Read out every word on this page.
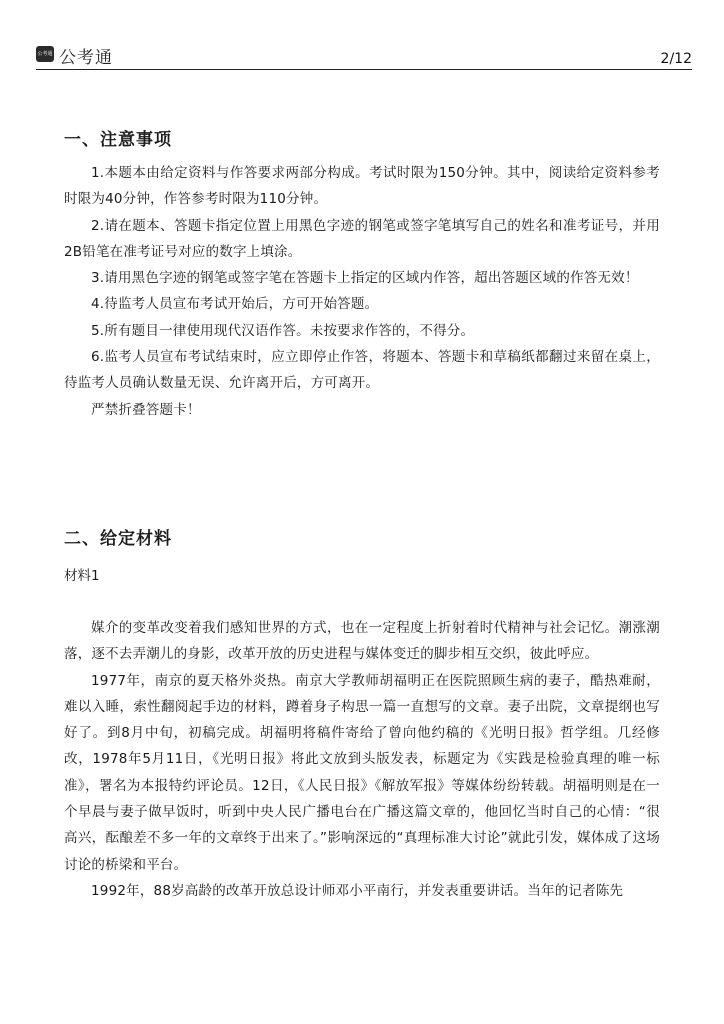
公考通 公考通	2/12
一、注意事项

1.本题本由给定资料与作答要求两部分构成。考试时限为150分钟。其中，阅读给定资料参考时限为40分钟，作答参考时限为110分钟。

2.请在题本、答题卡指定位置上用黑色字迹的钢笔或签字笔填写自己的姓名和准考证号，并用2B铅笔在准考证号对应的数字上填涂。

3.请用黑色字迹的钢笔或签字笔在答题卡上指定的区域内作答，超出答题区域的作答无效！

4.待监考人员宣布考试开始后，方可开始答题。

5.所有题目一律使用现代汉语作答。未按要求作答的，不得分。

6.监考人员宣布考试结束时，应立即停止作答，将题本、答题卡和草稿纸都翻过来留在桌上，待监考人员确认数量无误、允许离开后，方可离开。

严禁折叠答题卡！

二、给定材料
材料1

媒介的变革改变着我们感知世界的方式，也在一定程度上折射着时代精神与社会记忆。潮涨潮落，逐不去弄潮儿的身影，改革开放的历史进程与媒体变迁的脚步相互交织，彼此呼应。

1977年，南京的夏天格外炎热。南京大学教师胡福明正在医院照顾生病的妻子，酷热难耐，难以入睡，索性翻阅起手边的材料，蹲着身子构思一篇一直想写的文章。妻子出院，文章提纲也写好了。到8月中旬，初稿完成。胡福明将稿件寄给了曾向他约稿的《光明日报》哲学组。几经修改，1978年5月11日，《光明日报》将此文放到头版发表，标题定为《实践是检验真理的唯一标准》，署名为本报特约评论员。12日，《人民日报》《解放军报》等媒体纷纷转载。胡福明则是在一个早晨与妻子做早饭时，听到中央人民广播电台在广播这篇文章的，他回忆当时自己的心情：“很高兴，酝酿差不多一年的文章终于出来了。”影响深远的“真理标准大讨论”就此引发，媒体成了这场讨论的桥梁和平台。

1992年，88岁高龄的改革开放总设计师邓小平南行，并发表重要讲话。当年的记者陈先
